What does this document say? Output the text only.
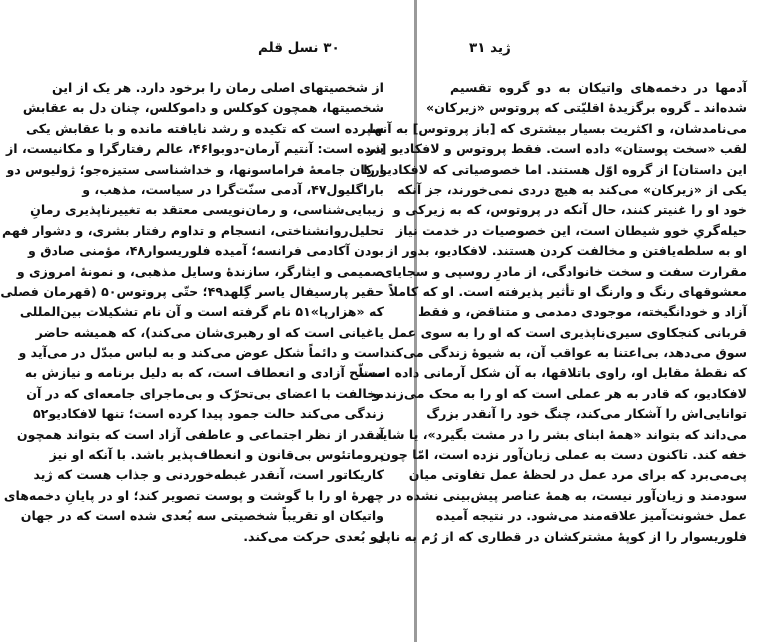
۳۰ نسل قلم
از شخصیتهای اصلی رمان را برخود دارد. هر یک از این
شخصیتها، همچون کوکلس و داموکلس، چنان دل به عقابش
سپرده است که تکیده و رشد نایافته مانده و با عقابش یکی
شده است: آنتیم آرمان-دوبوا۴۶، عالم رفتارگرا و مکانیست، از
ارکان جامعهٔ فراماسونها، و خداشناسی ستیزه‌جو؛ ژولیوس دو
باراگلیول۴۷، آدمی سنّت‌گرا در سیاست، مذهب، و
زیبایی‌شناسی، و رمان‌نویسی معتقد به تغییرناپذیری رمانِ
تحلیل‌روانشناختی، انسجام و تداوم رفتار بشری، و دشوار فهم
بودن آکادمی فرانسه؛ آمیده فلوریسوار۴۸، مؤمنی صادق و
صمیمی و ایثارگر، سازندهٔ وسایل مذهبی، و نمونهٔ امروزی و
حقیر پارسیفال یاسر گِلهد۴۹؛ حتّی پروتوس۵۰ (قهرمان فصلی
که «هزارپا»۵۱ نام گرفته است و آن نام تشکیلات بین‌المللی
یاغیانی است که او رهبری‌شان می‌کند)، که همیشه حاضر
است و دائماً شکل عوض می‌کند و به لباس مبدّل در می‌آید و
مسلّح آزادی و انعطاف است، که به دلیل برنامه و نیازش به
مخالفت با اعضای بی‌تحرّک و بی‌ماجرای جامعه‌ای که در آن
زندگی می‌کند حالت جمود پیدا کرده است؛ تنها لافکادیو۵۲
آنقدر از نظر اجتماعی و عاطفی آزاد است که بتواند همچون
پروماتئوس بی‌قانون و انعطاف‌پذیر باشد. با آنکه او نیز
کاریکاتور است، آنقدر غبطه‌خوردنی و جذاب هست که ژید
چهرهٔ او را با گوشت و پوست تصویر کند؛ او در پایانِ دخمه‌های
واتیکان او تقریباً شخصیتی سه بُعدی شده است که در جهان
دو بُعدی حرکت می‌کند.
ژید ۳۱
آدمها در دخمه‌های واتیکان به دو گروه تقسیم
شده‌اند ـ گروه برگزیدهٔ اقلیّتی که پروتوس «زیرکان»
می‌نامدشان، و اکثریت بسیار بیشتری که [باز پروتوس] به آنها
لقب «سخت پوستان» داده است. فقط پروتوس و لافکادیو [در
این داستان] از گروه اوّل هستند. اما خصوصیاتی که لافکادیو را
یکی از «زیرکان» می‌کند به هیچ دردی نمی‌خورند، جز آنکه
خود او را غنیتر کنند، حال آنکه در پروتوس، که به زیرکی و
حیله‌گریِ خوو شیطان است، این خصوصیات در خدمت نیاز
او به سلطه‌یافتن و مخالفت کردن هستند. لافکادیو، بدور از
مقرارت سفت و سخت خانوادگی، از مادرِ روسپی و سجایای
معشوقهای رنگ و وارنگ او تأثیر پذیرفته است. او که کاملاً
آزاد و خودانگیخته، موجودی دمدمی و متناقض، و فقط
قربانی کنجکاوی سیری‌ناپذیری است که او را به سوی عمل
سوق می‌دهد، بی‌اعتنا به عواقب آن، به شیوهٔ زندگی می‌کند
که نقطهٔ مقابل او، راوی باتلاقها، به آن شکل آرمانی داده است.
لافکادیو، که قادر به هر عملی است که او را به محک می‌زند و
توانایی‌اش را آشکار می‌کند، چنگ خود را آنقدر بزرگ
می‌داند که بتواند «همهٔ ابنای بشر را در مشت بگیرد»، یا شاید
خفه کند. تاکنون دست به عملی زبان‌آور نزده است، امّا چون
پی‌می‌برد که برای مرد عمل در لحظهٔ عمل تفاوتی میان
سودمند و زیان‌آور نیست، به همهٔ عناصر پیش‌بینی نشده در
عمل خشونت‌آمیز علاقه‌مند می‌شود. در نتیجه آمیده
فلوریسوار را از کوپهٔ مشترکشان در قطاری که از رُم به ناپل
